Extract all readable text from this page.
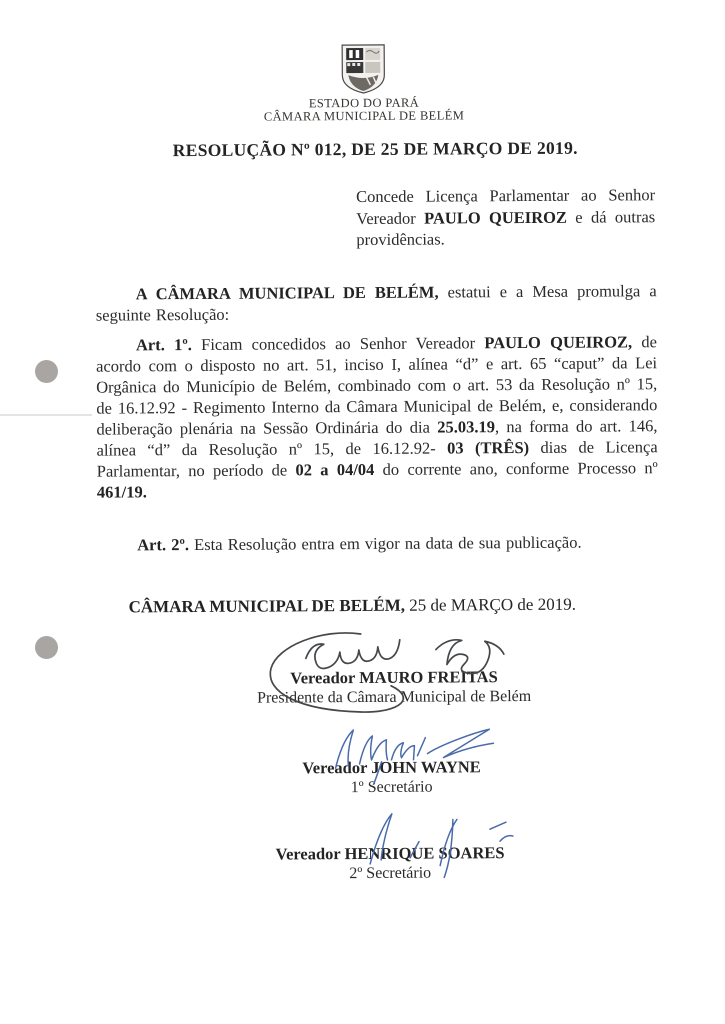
ESTADO DO PARÁ
CÂMARA MUNICIPAL DE BELÉM
RESOLUÇÃO Nº 012, DE 25 DE MARÇO DE 2019.
Concede Licença Parlamentar ao Senhor Vereador PAULO QUEIROZ e dá outras providências.
A CÂMARA MUNICIPAL DE BELÉM, estatui e a Mesa promulga a seguinte Resolução:
Art. 1º. Ficam concedidos ao Senhor Vereador PAULO QUEIROZ, de acordo com o disposto no art. 51, inciso I, alínea “d” e art. 65 “caput” da Lei Orgânica do Município de Belém, combinado com o art. 53 da Resolução nº 15, de 16.12.92 - Regimento Interno da Câmara Municipal de Belém, e, considerando deliberação plenária na Sessão Ordinária do dia 25.03.19, na forma do art. 146, alínea “d” da Resolução nº 15, de 16.12.92- 03 (TRÊS) dias de Licença Parlamentar, no período de 02 a 04/04 do corrente ano, conforme Processo nº 461/19.
Art. 2º. Esta Resolução entra em vigor na data de sua publicação.
CÂMARA MUNICIPAL DE BELÉM, 25 de MARÇO de 2019.
Vereador MAURO FREITAS
Presidente da Câmara Municipal de Belém
Vereador JOHN WAYNE
1º Secretário
Vereador HENRIQUE SOARES
2º Secretário
